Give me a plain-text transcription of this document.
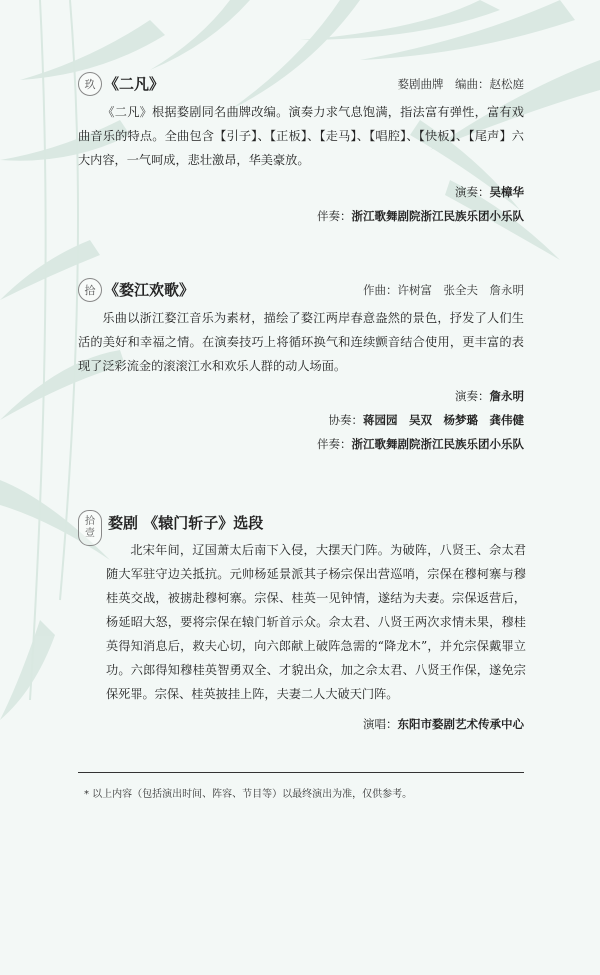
玖 《二凡》	婺剧曲牌　编曲：赵松庭
《二凡》根据婺剧同名曲牌改编。演奏力求气息饱满，指法富有弹性，富有戏曲音乐的特点。全曲包含【引子】、【正板】、【走马】、【唱腔】、【快板】、【尾声】六大内容，一气呵成，悲壮激昂，华美豪放。
演奏：吴樟华
伴奏：浙江歌舞剧院浙江民族乐团小乐队
拾 《婺江欢歌》	作曲：许树富　张全夫　詹永明
乐曲以浙江婺江音乐为素材，描绘了婺江两岸春意盎然的景色，抒发了人们生活的美好和幸福之情。在演奏技巧上将循环换气和连续颤音结合使用，更丰富的表现了泛彩流金的滚滚江水和欢乐人群的动人场面。
演奏：詹永明
协奏：蒋园园　吴双　杨梦璐　龚伟健
伴奏：浙江歌舞剧院浙江民族乐团小乐队
拾
壹
婺剧 《辕门斩子》选段
北宋年间，辽国萧太后南下入侵，大摆天门阵。为破阵，八贤王、佘太君随大军驻守边关抵抗。元帅杨延景派其子杨宗保出营巡哨，宗保在穆柯寨与穆桂英交战，被掳赴穆柯寨。宗保、桂英一见钟情，遂结为夫妻。宗保返营后，杨延昭大怒，要将宗保在辕门斩首示众。佘太君、八贤王两次求情未果，穆桂英得知消息后，救夫心切，向六郎献上破阵急需的“降龙木”，并允宗保戴罪立功。六郎得知穆桂英智勇双全、才貌出众，加之佘太君、八贤王作保，遂免宗保死罪。宗保、桂英披挂上阵，夫妻二人大破天门阵。
演唱：东阳市婺剧艺术传承中心
* 以上内容（包括演出时间、阵容、节目等）以最终演出为准，仅供参考。
